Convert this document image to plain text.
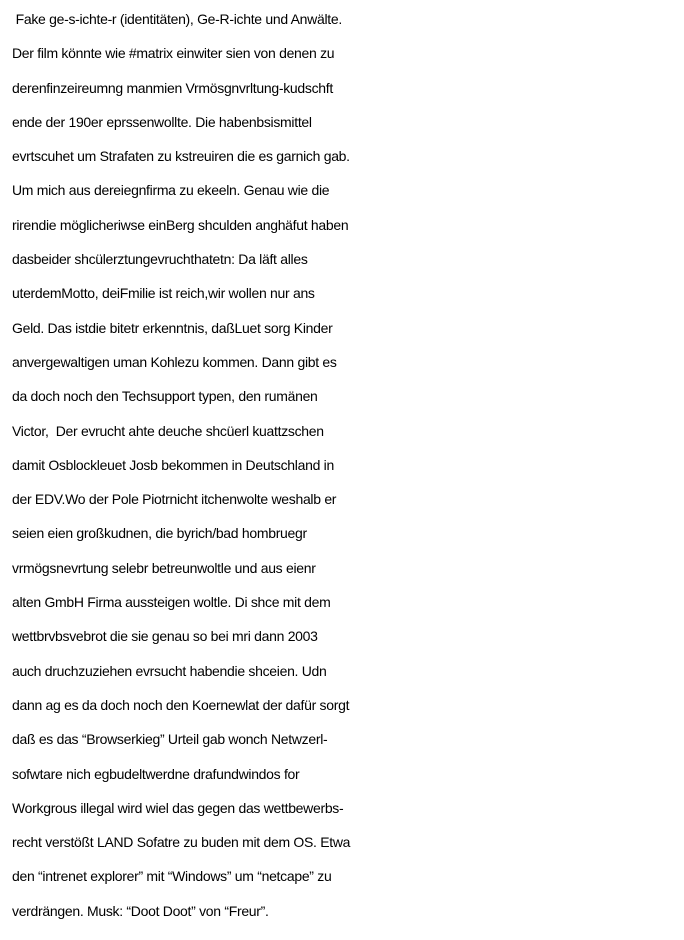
Fake ge-s-ichte-r (identitäten), Ge-R-ichte und Anwälte.
Der film könnte wie #matrix einwiter sien von denen zu
derenfinzeireumng manmien Vrmösgnvrltung-kudschft
ende der 190er eprssenwollte. Die habenbsismittel
evrtscuhet um Strafaten zu kstreuiren die es garnich gab.
Um mich aus dereiegnfirma zu ekeeln. Genau wie die
rirendie möglicheriwse einBerg shculden anghäfut haben
dasbeider shcülerztungevruchthatetn: Da läft alles
uterdemMotto, deiFmilie ist reich,wir wollen nur ans
Geld. Das istdie bitetr erkenntnis, daßLuet sorg Kinder
anvergewaltigen uman Kohlezu kommen. Dann gibt es
da doch noch den Techsupport typen, den rumänen
Victor,  Der evrucht ahte deuche shcüerl kuattzschen
damit Osblockleuet Josb bekommen in Deutschland in
der EDV.Wo der Pole Piotrnicht itchenwolte weshalb er
seien eien großkudnen, die byrich/bad hombruegr
vrmögsnevrtung selebr betreunwoltle und aus eienr
alten GmbH Firma aussteigen woltle. Di shce mit dem
wettbrvbsvebrot die sie genau so bei mri dann 2003
auch druchzuziehen evrsucht habendie shceien. Udn
dann ag es da doch noch den Koernewlat der dafür sorgt
daß es das “Browserkieg” Urteil gab wonch Netwzerl-
sofwtare nich egbudeltwerdne drafundwindos for
Workgrous illegal wird wiel das gegen das wettbewerbs-
recht verstößt LAND Sofatre zu buden mit dem OS. Etwa
den “intrenet explorer” mit “Windows” um “netcape” zu
verdrängen. Musk: “Doot Doot” von “Freur”.
